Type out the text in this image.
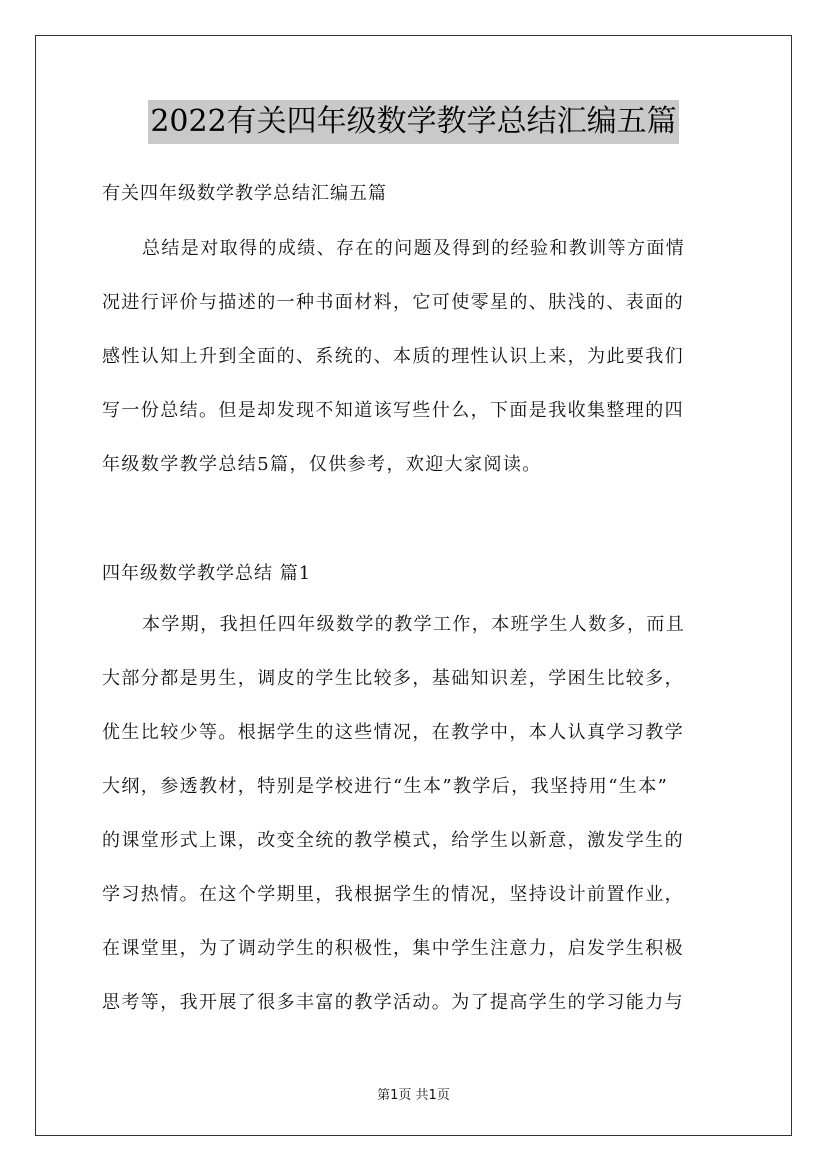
2022有关四年级数学教学总结汇编五篇
有关四年级数学教学总结汇编五篇
总结是对取得的成绩、存在的问题及得到的经验和教训等方面情
况进行评价与描述的一种书面材料，它可使零星的、肤浅的、表面的
感性认知上升到全面的、系统的、本质的理性认识上来，为此要我们
写一份总结。但是却发现不知道该写些什么，下面是我收集整理的四
年级数学教学总结5篇，仅供参考，欢迎大家阅读。
四年级数学教学总结 篇1
本学期，我担任四年级数学的教学工作，本班学生人数多，而且
大部分都是男生，调皮的学生比较多，基础知识差，学困生比较多，
优生比较少等。根据学生的这些情况，在教学中，本人认真学习教学
大纲，参透教材，特别是学校进行“生本”教学后，我坚持用“生本”
的课堂形式上课，改变全统的教学模式，给学生以新意，激发学生的
学习热情。在这个学期里，我根据学生的情况，坚持设计前置作业，
在课堂里，为了调动学生的积极性，集中学生注意力，启发学生积极
思考等，我开展了很多丰富的教学活动。为了提高学生的学习能力与
第1页 共1页
